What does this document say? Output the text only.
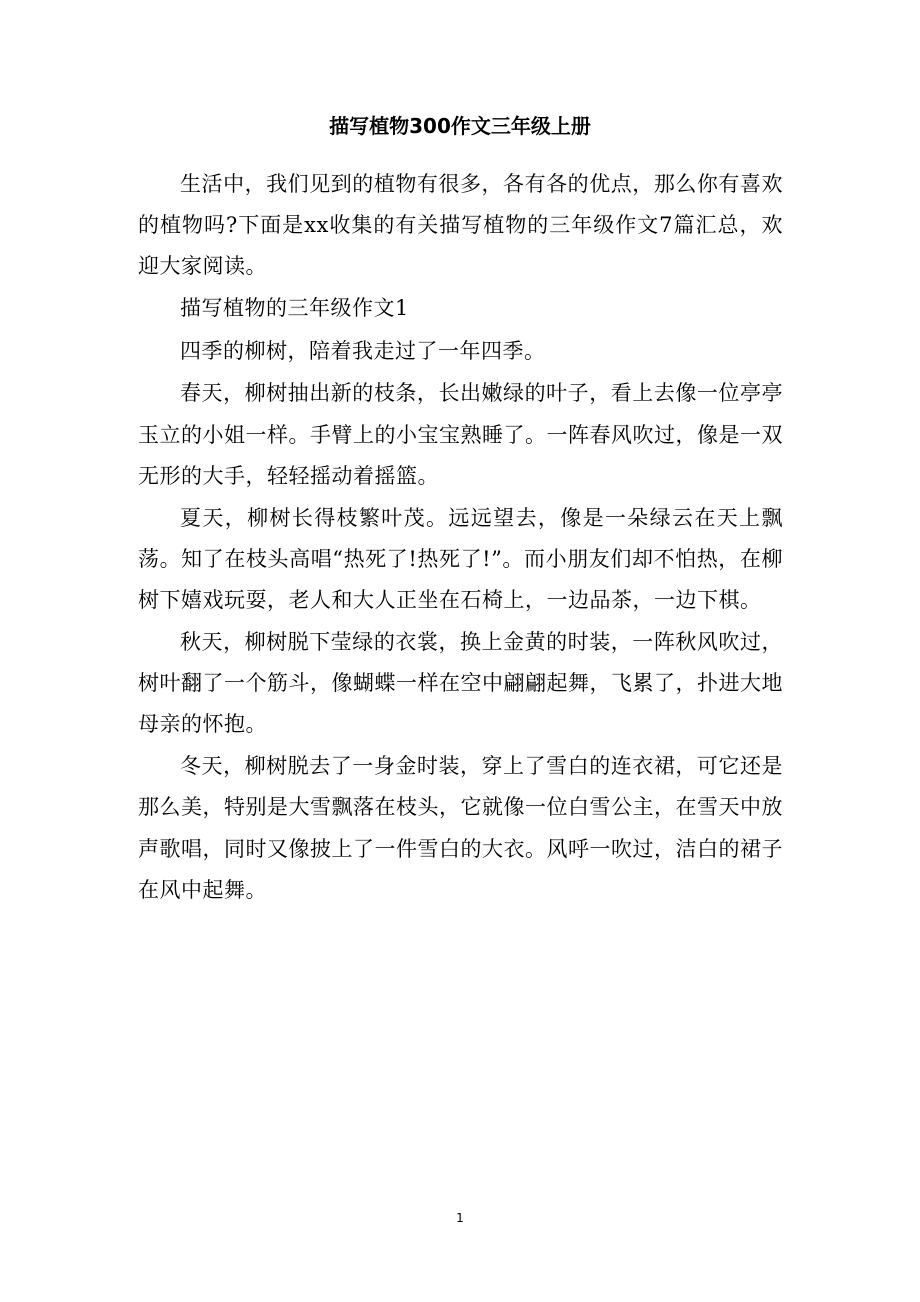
描写植物300作文三年级上册

生活中，我们见到的植物有很多，各有各的优点，那么你有喜欢的植物吗?下面是xx收集的有关描写植物的三年级作文7篇汇总，欢迎大家阅读。

描写植物的三年级作文1

四季的柳树，陪着我走过了一年四季。

春天，柳树抽出新的枝条，长出嫩绿的叶子，看上去像一位亭亭玉立的小姐一样。手臂上的小宝宝熟睡了。一阵春风吹过，像是一双无形的大手，轻轻摇动着摇篮。

夏天，柳树长得枝繁叶茂。远远望去，像是一朵绿云在天上飘荡。知了在枝头高唱“热死了!热死了!”。而小朋友们却不怕热，在柳树下嬉戏玩耍，老人和大人正坐在石椅上，一边品茶，一边下棋。

秋天，柳树脱下莹绿的衣裳，换上金黄的时装，一阵秋风吹过，树叶翻了一个筋斗，像蝴蝶一样在空中翩翩起舞，飞累了，扑进大地母亲的怀抱。

冬天，柳树脱去了一身金时装，穿上了雪白的连衣裙，可它还是那么美，特别是大雪飘落在枝头，它就像一位白雪公主，在雪天中放声歌唱，同时又像披上了一件雪白的大衣。风呼一吹过，洁白的裙子在风中起舞。

1
